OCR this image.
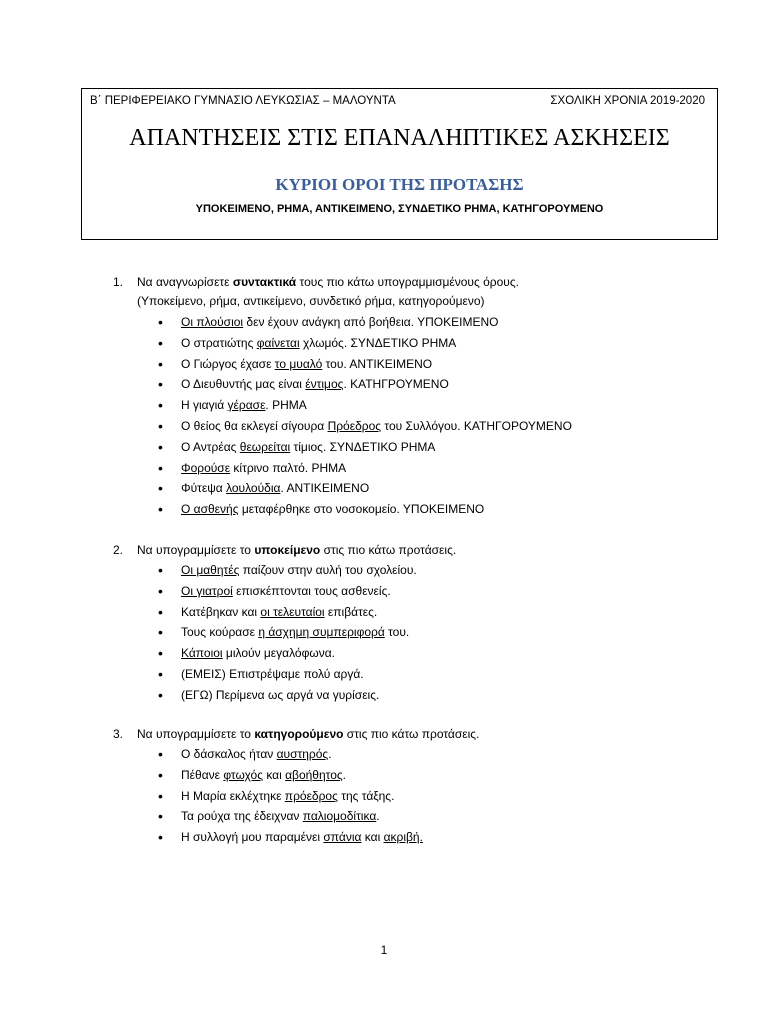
Β΄ ΠΕΡΙΦΕΡΕΙΑΚΟ ΓΥΜΝΑΣΙΟ ΛΕΥΚΩΣΙΑΣ – ΜΑΛΟΥΝΤΑ	ΣΧΟΛΙΚΗ ΧΡΟΝΙΑ 2019-2020
ΑΠΑΝΤΗΣΕΙΣ ΣΤΙΣ ΕΠΑΝΑΛΗΠΤΙΚΕΣ ΑΣΚΗΣΕΙΣ
ΚΥΡΙΟΙ ΟΡΟΙ ΤΗΣ ΠΡΟΤΑΣΗΣ
ΥΠΟΚΕΙΜΕΝΟ, ΡΗΜΑ, ΑΝΤΙΚΕΙΜΕΝΟ, ΣΥΝΔΕΤΙΚΟ ΡΗΜΑ, ΚΑΤΗΓΟΡΟΥΜΕΝΟ
1. Να αναγνωρίσετε συντακτικά τους πιο κάτω υπογραμμισμένους όρους.
(Υποκείμενο, ρήμα, αντικείμενο, συνδετικό ρήμα, κατηγορούμενο)
• Οι πλούσιοι δεν έχουν ανάγκη από βοήθεια. ΥΠΟΚΕΙΜΕΝΟ
• Ο στρατιώτης φαίνεται χλωμός. ΣΥΝΔΕΤΙΚΟ ΡΗΜΑ
• Ο Γιώργος έχασε το μυαλό του. ΑΝΤΙΚΕΙΜΕΝΟ
• Ο Διευθυντής μας είναι έντιμος. ΚΑΤΗΓΡΟΥΜΕΝΟ
• Η γιαγιά γέρασε. ΡΗΜΑ
• Ο θείος θα εκλεγεί σίγουρα Πρόεδρος του Συλλόγου. ΚΑΤΗΓΟΡΟΥΜΕΝΟ
• Ο Αντρέας θεωρείται τίμιος. ΣΥΝΔΕΤΙΚΟ ΡΗΜΑ
• Φορούσε κίτρινο παλτό. ΡΗΜΑ
• Φύτεψα λουλούδια. ΑΝΤΙΚΕΙΜΕΝΟ
• Ο ασθενής μεταφέρθηκε στο νοσοκομείο. ΥΠΟΚΕΙΜΕΝΟ
2. Να υπογραμμίσετε το υποκείμενο στις πιο κάτω προτάσεις.
• Οι μαθητές παίζουν στην αυλή του σχολείου.
• Οι γιατροί επισκέπτονται τους ασθενείς.
• Κατέβηκαν και οι τελευταίοι επιβάτες.
• Τους κούρασε η άσχημη συμπεριφορά του.
• Κάποιοι μιλούν μεγαλόφωνα.
• (ΕΜΕΙΣ) Επιστρέψαμε πολύ αργά.
• (ΕΓΩ) Περίμενα ως αργά να γυρίσεις.
3. Να υπογραμμίσετε το κατηγορούμενο στις πιο κάτω προτάσεις.
• Ο δάσκαλος ήταν αυστηρός.
• Πέθανε φτωχός και αβοήθητος.
• Η Μαρία εκλέχτηκε πρόεδρος της τάξης.
• Τα ρούχα της έδειχναν παλιομοδίτικα.
• Η συλλογή μου παραμένει σπάνια και ακριβή.
1
